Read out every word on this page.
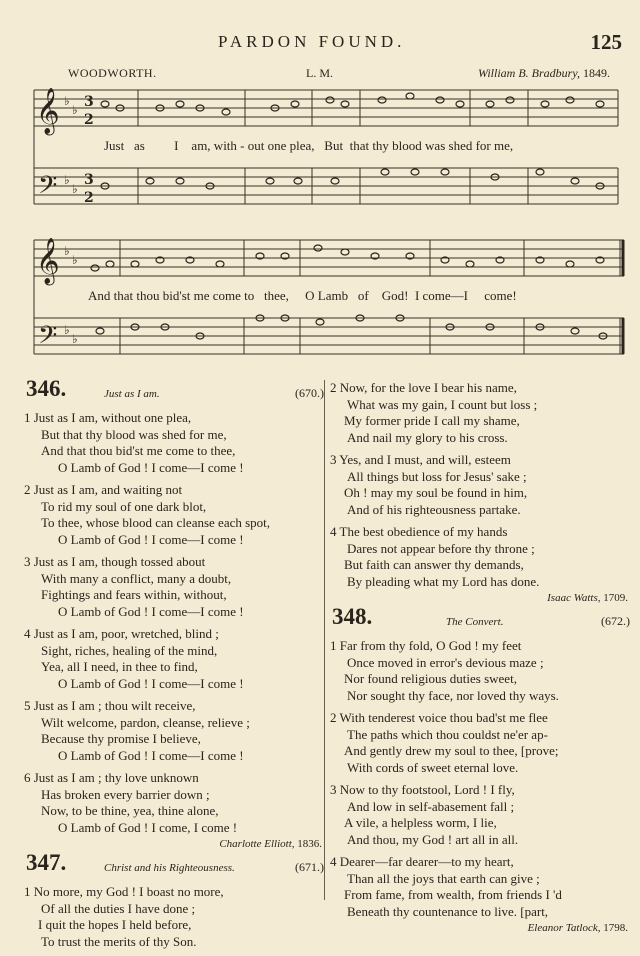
PARDON FOUND.	125
WOODWORTH.	L. M.	William B. Bradbury, 1849.
𝄞
𝄢
3
2
3
2
♭
♭
♭
♭
Just as I am, with - out one plea, But that thy blood was shed for me,
𝄞
𝄢
♭
♭
♭
♭
And that thou bid'st me come to thee, O Lamb of God! I come—I come!
346.	Just as I am.	(670.)
1 Just as I am, without one plea,
But that thy blood was shed for me,
And that thou bid'st me come to thee,
O Lamb of God ! I come—I come !
2 Just as I am, and waiting not
To rid my soul of one dark blot,
To thee, whose blood can cleanse each spot,
O Lamb of God ! I come—I come !
3 Just as I am, though tossed about
With many a conflict, many a doubt,
Fightings and fears within, without,
O Lamb of God ! I come—I come !
4 Just as I am, poor, wretched, blind ;
Sight, riches, healing of the mind,
Yea, all I need, in thee to find,
O Lamb of God ! I come—I come !
5 Just as I am ; thou wilt receive,
Wilt welcome, pardon, cleanse, relieve ;
Because thy promise I believe,
O Lamb of God ! I come—I come !
6 Just as I am ; thy love unknown
Has broken every barrier down ;
Now, to be thine, yea, thine alone,
O Lamb of God ! I come, I come !
Charlotte Elliott, 1836.
347.	Christ and his Righteousness.	(671.)
1 No more, my God ! I boast no more,
Of all the duties I have done ;
I quit the hopes I held before,
To trust the merits of thy Son.
2 Now, for the love I bear his name,
What was my gain, I count but loss ;
My former pride I call my shame,
And nail my glory to his cross.
3 Yes, and I must, and will, esteem
All things but loss for Jesus' sake ;
Oh ! may my soul be found in him,
And of his righteousness partake.
4 The best obedience of my hands
Dares not appear before thy throne ;
But faith can answer thy demands,
By pleading what my Lord has done.
Isaac Watts, 1709.
348.	The Convert.	(672.)
1 Far from thy fold, O God ! my feet
Once moved in error's devious maze ;
Nor found religious duties sweet,
Nor sought thy face, nor loved thy ways.
2 With tenderest voice thou bad'st me flee
The paths which thou couldst ne'er ap-
And gently drew my soul to thee, [prove;
With cords of sweet eternal love.
3 Now to thy footstool, Lord ! I fly,
And low in self-abasement fall ;
A vile, a helpless worm, I lie,
And thou, my God ! art all in all.
4 Dearer—far dearer—to my heart,
Than all the joys that earth can give ;
From fame, from wealth, from friends I 'd
Beneath thy countenance to live. [part,
Eleanor Tatlock, 1798.
